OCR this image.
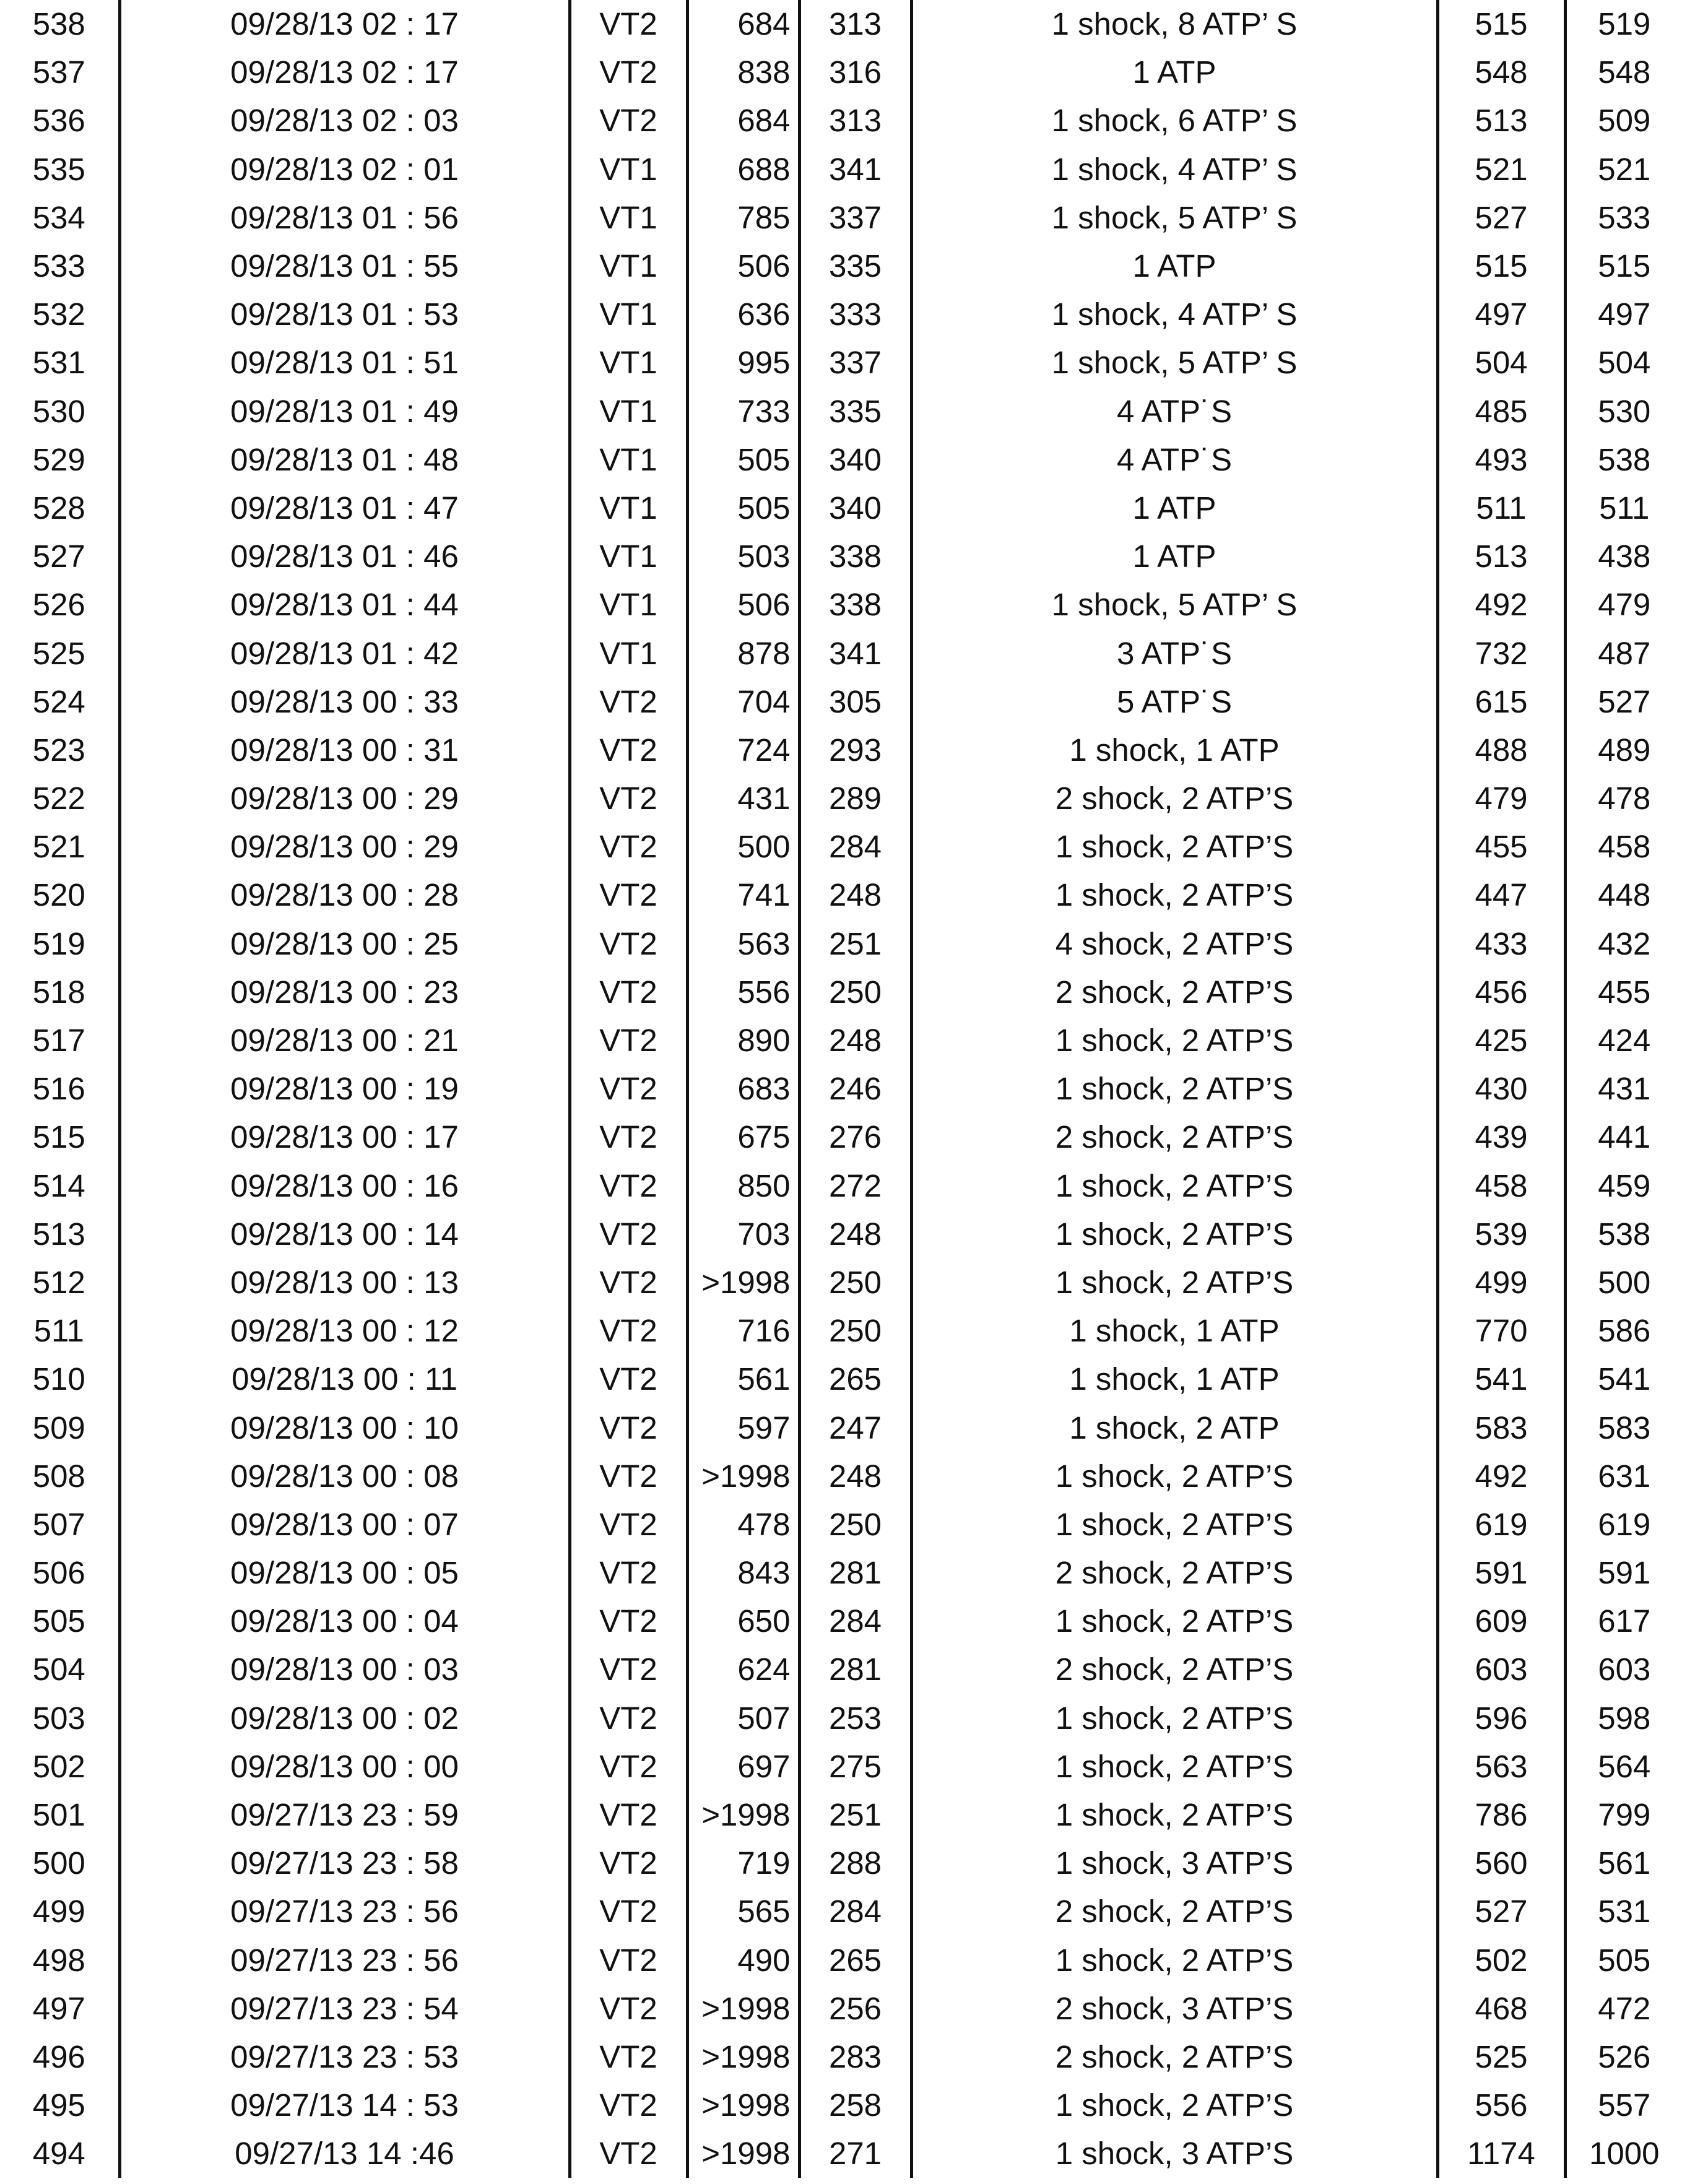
538	09/28/13 02 : 17	VT2	684	313	1 shock, 8 ATP’ S	515	519
537	09/28/13 02 : 17	VT2	838	316	1 ATP	548	548
536	09/28/13 02 : 03	VT2	684	313	1 shock, 6 ATP’ S	513	509
535	09/28/13 02 : 01	VT1	688	341	1 shock, 4 ATP’ S	521	521
534	09/28/13 01 : 56	VT1	785	337	1 shock, 5 ATP’ S	527	533
533	09/28/13 01 : 55	VT1	506	335	1 ATP	515	515
532	09/28/13 01 : 53	VT1	636	333	1 shock, 4 ATP’ S	497	497
531	09/28/13 01 : 51	VT1	995	337	1 shock, 5 ATP’ S	504	504
530	09/28/13 01 : 49	VT1	733	335	4 ATP˙S	485	530
529	09/28/13 01 : 48	VT1	505	340	4 ATP˙S	493	538
528	09/28/13 01 : 47	VT1	505	340	1 ATP	511	511
527	09/28/13 01 : 46	VT1	503	338	1 ATP	513	438
526	09/28/13 01 : 44	VT1	506	338	1 shock, 5 ATP’ S	492	479
525	09/28/13 01 : 42	VT1	878	341	3 ATP˙S	732	487
524	09/28/13 00 : 33	VT2	704	305	5 ATP˙S	615	527
523	09/28/13 00 : 31	VT2	724	293	1 shock, 1 ATP	488	489
522	09/28/13 00 : 29	VT2	431	289	2 shock, 2 ATP’S	479	478
521	09/28/13 00 : 29	VT2	500	284	1 shock, 2 ATP’S	455	458
520	09/28/13 00 : 28	VT2	741	248	1 shock, 2 ATP’S	447	448
519	09/28/13 00 : 25	VT2	563	251	4 shock, 2 ATP’S	433	432
518	09/28/13 00 : 23	VT2	556	250	2 shock, 2 ATP’S	456	455
517	09/28/13 00 : 21	VT2	890	248	1 shock, 2 ATP’S	425	424
516	09/28/13 00 : 19	VT2	683	246	1 shock, 2 ATP’S	430	431
515	09/28/13 00 : 17	VT2	675	276	2 shock, 2 ATP’S	439	441
514	09/28/13 00 : 16	VT2	850	272	1 shock, 2 ATP’S	458	459
513	09/28/13 00 : 14	VT2	703	248	1 shock, 2 ATP’S	539	538
512	09/28/13 00 : 13	VT2	>1998	250	1 shock, 2 ATP’S	499	500
511	09/28/13 00 : 12	VT2	716	250	1 shock, 1 ATP	770	586
510	09/28/13 00 : 11	VT2	561	265	1 shock, 1 ATP	541	541
509	09/28/13 00 : 10	VT2	597	247	1 shock, 2 ATP	583	583
508	09/28/13 00 : 08	VT2	>1998	248	1 shock, 2 ATP’S	492	631
507	09/28/13 00 : 07	VT2	478	250	1 shock, 2 ATP’S	619	619
506	09/28/13 00 : 05	VT2	843	281	2 shock, 2 ATP’S	591	591
505	09/28/13 00 : 04	VT2	650	284	1 shock, 2 ATP’S	609	617
504	09/28/13 00 : 03	VT2	624	281	2 shock, 2 ATP’S	603	603
503	09/28/13 00 : 02	VT2	507	253	1 shock, 2 ATP’S	596	598
502	09/28/13 00 : 00	VT2	697	275	1 shock, 2 ATP’S	563	564
501	09/27/13 23 : 59	VT2	>1998	251	1 shock, 2 ATP’S	786	799
500	09/27/13 23 : 58	VT2	719	288	1 shock, 3 ATP’S	560	561
499	09/27/13 23 : 56	VT2	565	284	2 shock, 2 ATP’S	527	531
498	09/27/13 23 : 56	VT2	490	265	1 shock, 2 ATP’S	502	505
497	09/27/13 23 : 54	VT2	>1998	256	2 shock, 3 ATP’S	468	472
496	09/27/13 23 : 53	VT2	>1998	283	2 shock, 2 ATP’S	525	526
495	09/27/13 14 : 53	VT2	>1998	258	1 shock, 2 ATP’S	556	557
494	09/27/13 14 :46	VT2	>1998	271	1 shock, 3 ATP’S	1174	1000
